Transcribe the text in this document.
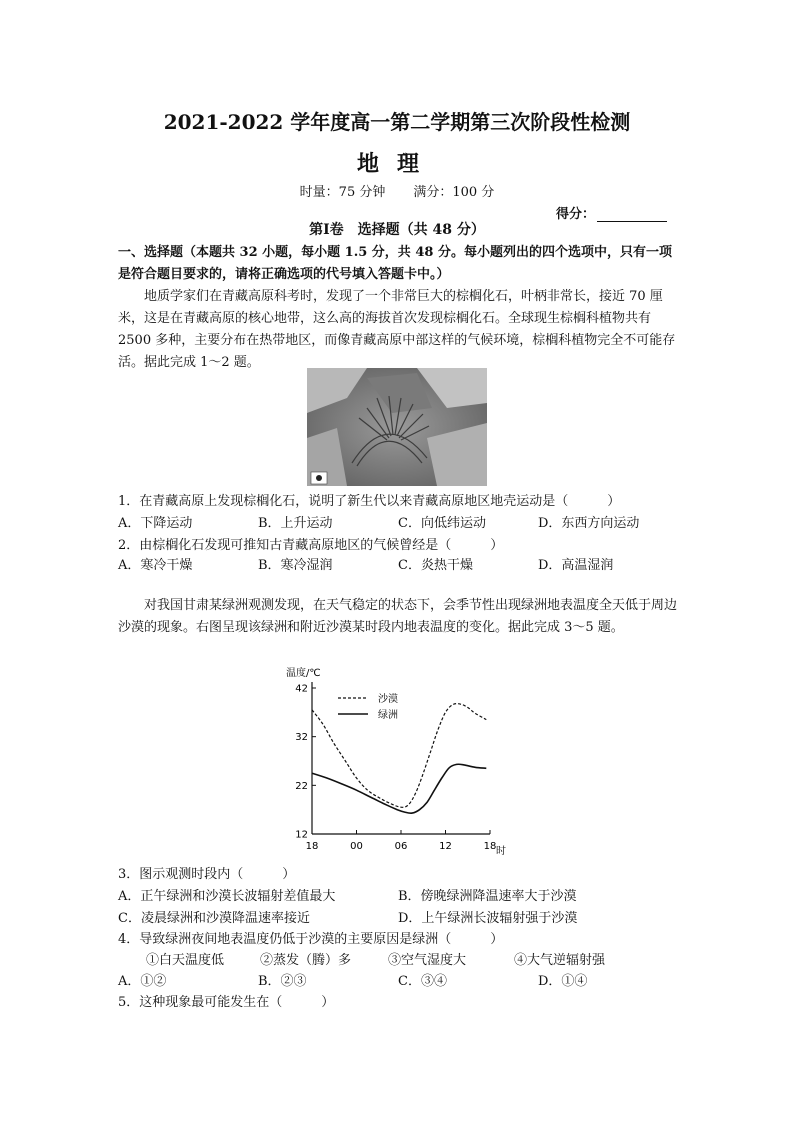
2021-2022 学年度高一第二学期第三次阶段性检测
地理
时量：75 分钟 满分：100 分
得分：
第Ⅰ卷　选择题（共 48 分）
一、选择题（本题共 32 小题，每小题 1.5 分，共 48 分。每小题列出的四个选项中，只有一项是符合题目要求的，请将正确选项的代号填入答题卡中。）
地质学家们在青藏高原科考时，发现了一个非常巨大的棕榈化石，叶柄非常长，接近 70 厘米，这是在青藏高原的核心地带，这么高的海拔首次发现棕榈化石。全球现生棕榈科植物共有 2500 多种，主要分布在热带地区，而像青藏高原中部这样的气候环境，棕榈科植物完全不可能存活。据此完成 1～2 题。
1．在青藏高原上发现棕榈化石，说明了新生代以来青藏高原地区地壳运动是（　　　）
A．下降运动	B．上升运动	C．向低纬运动	D．东西方向运动
2．由棕榈化石发现可推知古青藏高原地区的气候曾经是（　　　）
A．寒冷干燥	B．寒冷湿润	C．炎热干燥	D．高温湿润
对我国甘肃某绿洲观测发现，在天气稳定的状态下，会季节性出现绿洲地表温度全天低于周边沙漠的现象。右图呈现该绿洲和附近沙漠某时段内地表温度的变化。据此完成 3～5 题。
温度/℃
12
22
32
42
18	00	06	12	18
沙漠
绿洲
时
3．图示观测时段内（　　　）
A．正午绿洲和沙漠长波辐射差值最大	B．傍晚绿洲降温速率大于沙漠
C．凌晨绿洲和沙漠降温速率接近	D．上午绿洲长波辐射强于沙漠
4．导致绿洲夜间地表温度仍低于沙漠的主要原因是绿洲（　　　）
①白天温度低	②蒸发（腾）多	③空气湿度大	④大气逆辐射强
A．①②	B．②③	C．③④	D．①④
5．这种现象最可能发生在（　　　）
